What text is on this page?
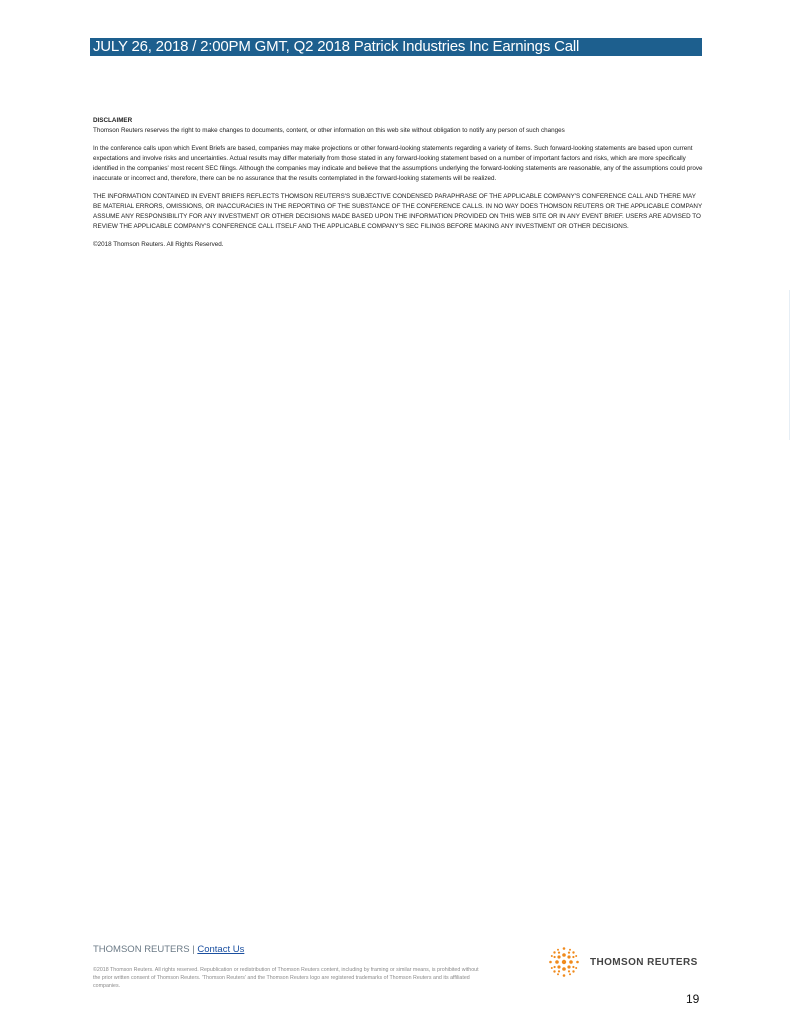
JULY 26, 2018 / 2:00PM GMT, Q2 2018 Patrick Industries Inc Earnings Call

DISCLAIMER

Thomson Reuters reserves the right to make changes to documents, content, or other information on this web site without obligation to notify any person of such changes

In the conference calls upon which Event Briefs are based, companies may make projections or other forward-looking statements regarding a variety of items. Such forward-looking statements are based upon current expectations and involve risks and uncertainties. Actual results may differ materially from those stated in any forward-looking statement based on a number of important factors and risks, which are more specifically identified in the companies' most recent SEC filings. Although the companies may indicate and believe that the assumptions underlying the forward-looking statements are reasonable, any of the assumptions could prove inaccurate or incorrect and, therefore, there can be no assurance that the results contemplated in the forward-looking statements will be realized.

THE INFORMATION CONTAINED IN EVENT BRIEFS REFLECTS THOMSON REUTERS'S SUBJECTIVE CONDENSED PARAPHRASE OF THE APPLICABLE COMPANY'S CONFERENCE CALL AND THERE MAY BE MATERIAL ERRORS, OMISSIONS, OR INACCURACIES IN THE REPORTING OF THE SUBSTANCE OF THE CONFERENCE CALLS. IN NO WAY DOES THOMSON REUTERS OR THE APPLICABLE COMPANY ASSUME ANY RESPONSIBILITY FOR ANY INVESTMENT OR OTHER DECISIONS MADE BASED UPON THE INFORMATION PROVIDED ON THIS WEB SITE OR IN ANY EVENT BRIEF. USERS ARE ADVISED TO REVIEW THE APPLICABLE COMPANY'S CONFERENCE CALL ITSELF AND THE APPLICABLE COMPANY'S SEC FILINGS BEFORE MAKING ANY INVESTMENT OR OTHER DECISIONS.

©2018 Thomson Reuters. All Rights Reserved.

THOMSON REUTERS | Contact Us
©2018 Thomson Reuters. All rights reserved. Republication or redistribution of Thomson Reuters content, including by framing or similar means, is prohibited without the prior written consent of Thomson Reuters. 'Thomson Reuters' and the Thomson Reuters logo are registered trademarks of Thomson Reuters and its affiliated companies.
THOMSON REUTERS
19
